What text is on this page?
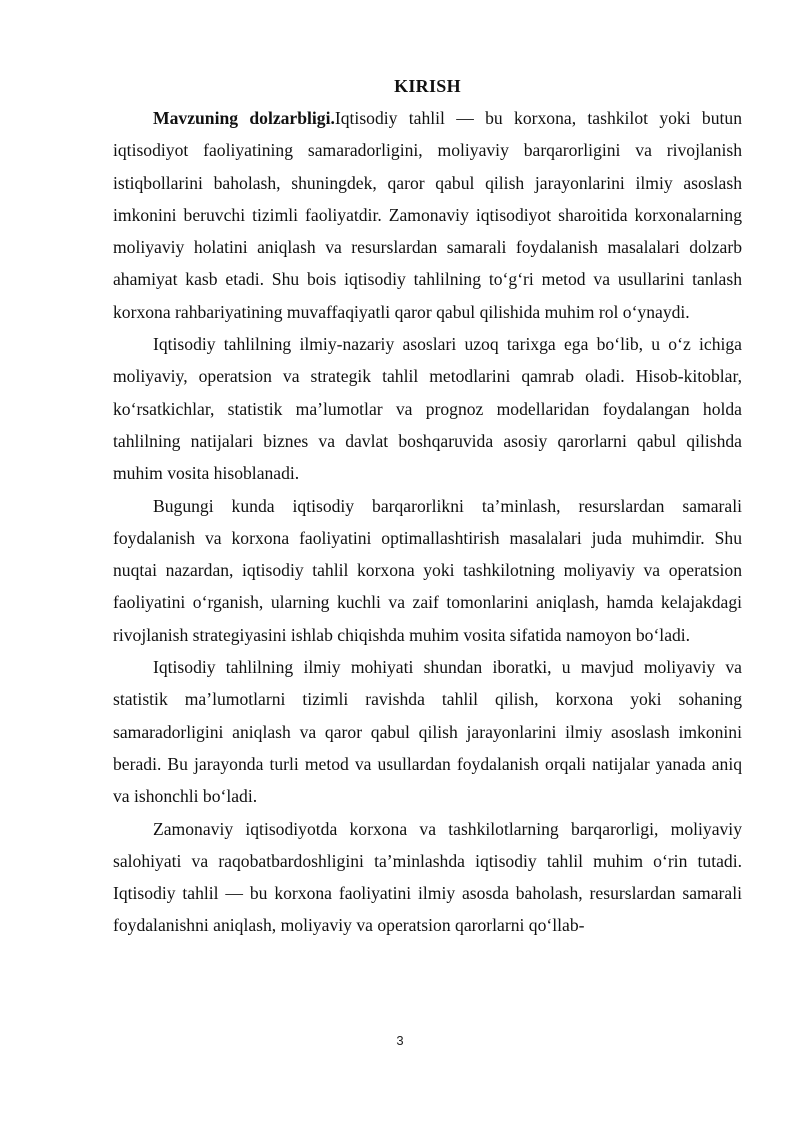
KIRISH

Mavzuning dolzarbligi.Iqtisodiy tahlil — bu korxona, tashkilot yoki butun iqtisodiyot faoliyatining samaradorligini, moliyaviy barqarorligini va rivojlanish istiqbollarini baholash, shuningdek, qaror qabul qilish jarayonlarini ilmiy asoslash imkonini beruvchi tizimli faoliyatdir. Zamonaviy iqtisodiyot sharoitida korxonalarning moliyaviy holatini aniqlash va resurslardan samarali foydalanish masalalari dolzarb ahamiyat kasb etadi. Shu bois iqtisodiy tahlilning to‘g‘ri metod va usullarini tanlash korxona rahbariyatining muvaffaqiyatli qaror qabul qilishida muhim rol o‘ynaydi.

Iqtisodiy tahlilning ilmiy-nazariy asoslari uzoq tarixga ega bo‘lib, u o‘z ichiga moliyaviy, operatsion va strategik tahlil metodlarini qamrab oladi. Hisob-kitoblar, ko‘rsatkichlar, statistik ma’lumotlar va prognoz modellaridan foydalangan holda tahlilning natijalari biznes va davlat boshqaruvida asosiy qarorlarni qabul qilishda muhim vosita hisoblanadi.

Bugungi kunda iqtisodiy barqarorlikni ta’minlash, resurslardan samarali foydalanish va korxona faoliyatini optimallashtirish masalalari juda muhimdir. Shu nuqtai nazardan, iqtisodiy tahlil korxona yoki tashkilotning moliyaviy va operatsion faoliyatini o‘rganish, ularning kuchli va zaif tomonlarini aniqlash, hamda kelajakdagi rivojlanish strategiyasini ishlab chiqishda muhim vosita sifatida namoyon bo‘ladi.

Iqtisodiy tahlilning ilmiy mohiyati shundan iboratki, u mavjud moliyaviy va statistik ma’lumotlarni tizimli ravishda tahlil qilish, korxona yoki sohaning samaradorligini aniqlash va qaror qabul qilish jarayonlarini ilmiy asoslash imkonini beradi. Bu jarayonda turli metod va usullardan foydalanish orqali natijalar yanada aniq va ishonchli bo‘ladi.

Zamonaviy iqtisodiyotda korxona va tashkilotlarning barqarorligi, moliyaviy salohiyati va raqobatbardoshligini ta’minlashda iqtisodiy tahlil muhim o‘rin tutadi. Iqtisodiy tahlil — bu korxona faoliyatini ilmiy asosda baholash, resurslardan samarali foydalanishni aniqlash, moliyaviy va operatsion qarorlarni qo‘llab-

3
